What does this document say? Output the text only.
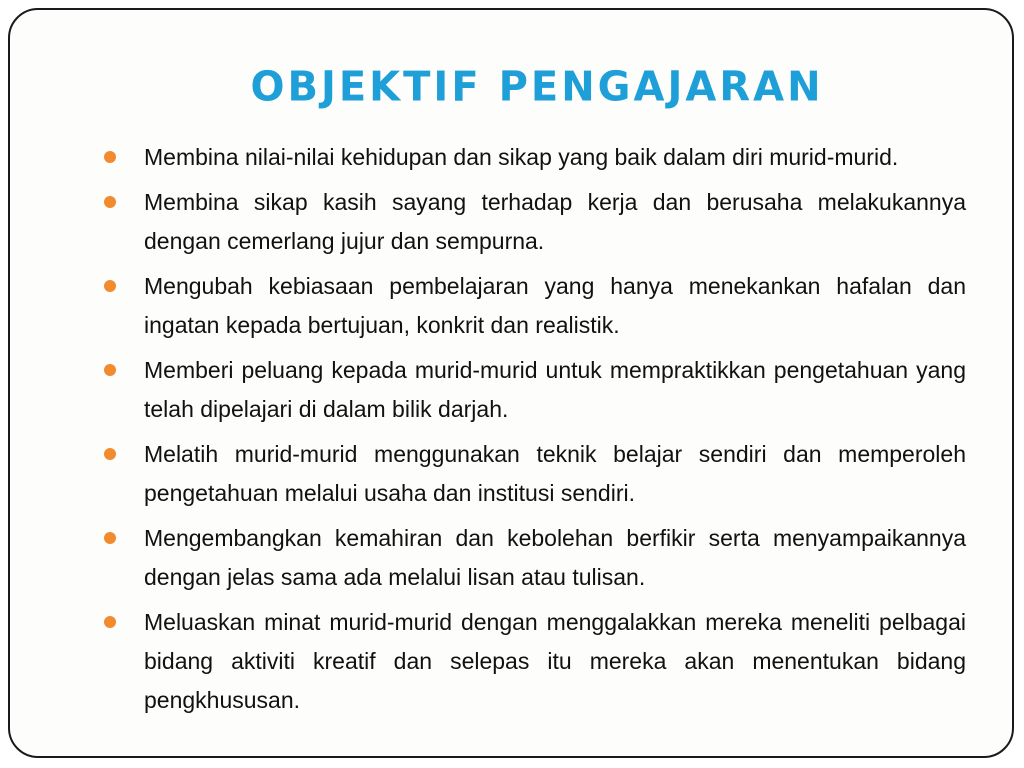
OBJEKTIF PENGAJARAN
Membina nilai-nilai kehidupan dan sikap yang baik dalam diri murid-murid.
Membina sikap kasih sayang terhadap kerja dan berusaha melakukannya dengan cemerlang jujur dan sempurna.
Mengubah kebiasaan pembelajaran yang hanya menekankan hafalan dan ingatan kepada bertujuan, konkrit dan realistik.
Memberi peluang kepada murid-murid untuk mempraktikkan pengetahuan yang telah dipelajari di dalam bilik darjah.
Melatih murid-murid menggunakan teknik belajar sendiri dan memperoleh pengetahuan melalui usaha dan institusi sendiri.
Mengembangkan kemahiran dan kebolehan berfikir serta menyampaikannya dengan jelas sama ada melalui lisan atau tulisan.
Meluaskan minat murid-murid dengan menggalakkan mereka meneliti pelbagai bidang aktiviti kreatif dan selepas itu mereka akan menentukan bidang pengkhususan.
